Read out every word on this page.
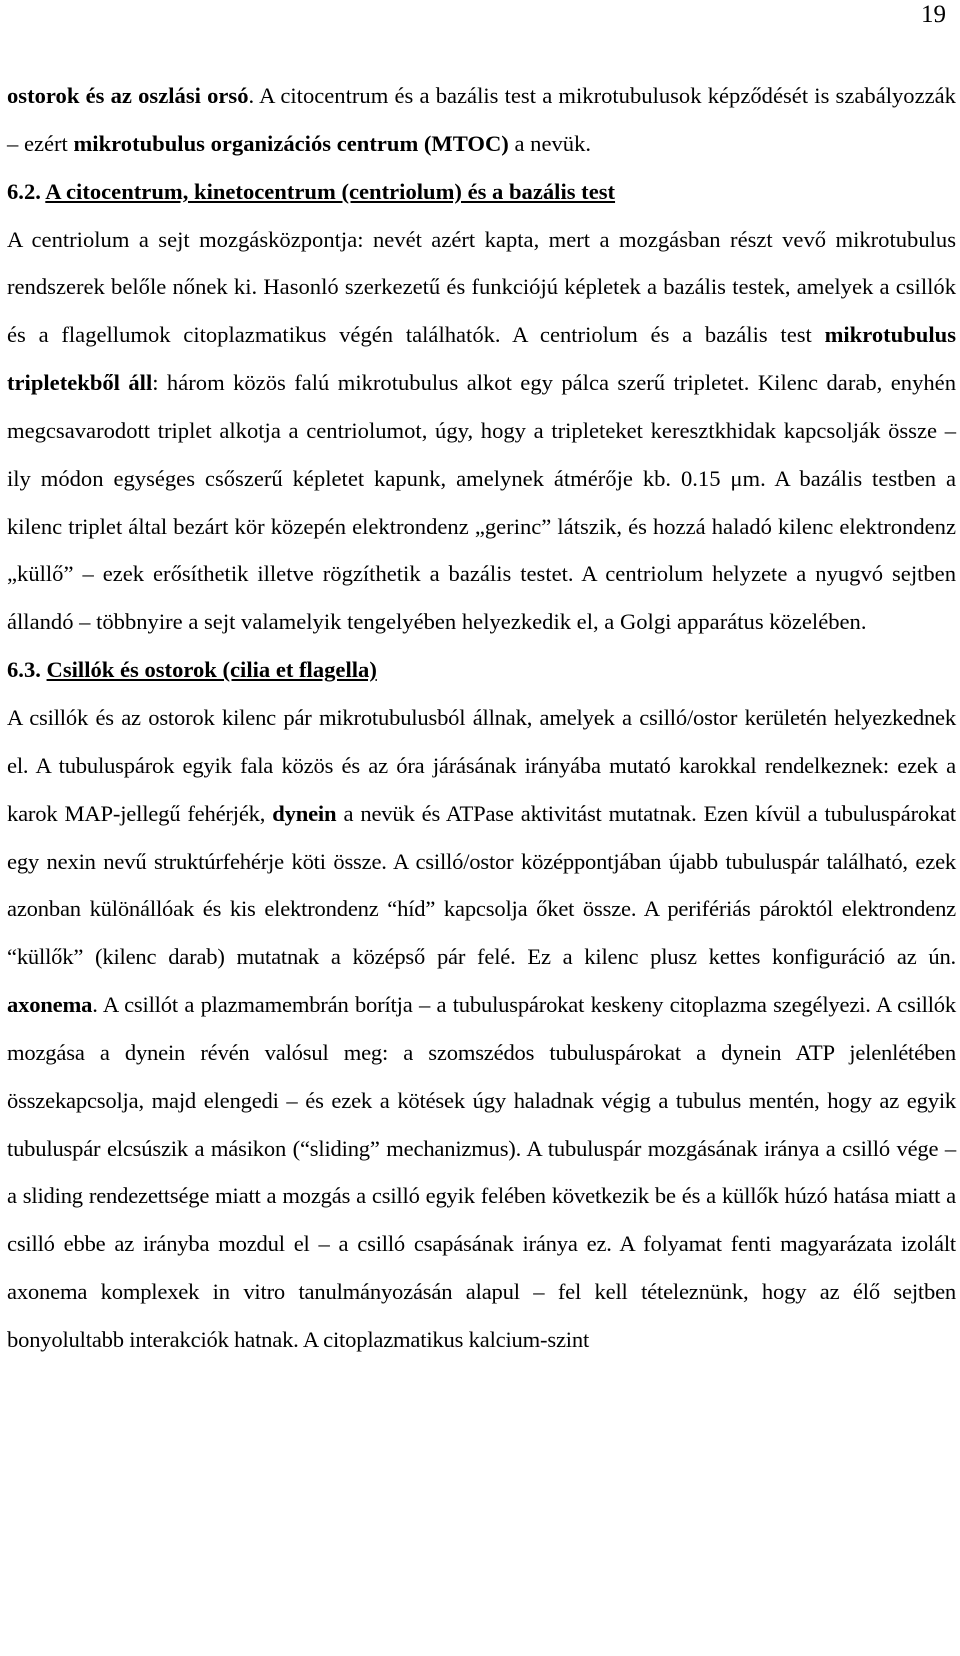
19

ostorok és az oszlási orsó. A citocentrum és a bazális test a mikrotubulusok képződését is szabályozzák – ezért mikrotubulus organizációs centrum (MTOC) a nevük.

6.2. A citocentrum, kinetocentrum (centriolum) és a bazális test

A centriolum a sejt mozgásközpontja: nevét azért kapta, mert a mozgásban részt vevő mikrotubulus rendszerek belőle nőnek ki. Hasonló szerkezetű és funkciójú képletek a bazális testek, amelyek a csillók és a flagellumok citoplazmatikus végén találhatók. A centriolum és a bazális test mikrotubulus tripletekből áll: három közös falú mikrotubulus alkot egy pálca szerű tripletet. Kilenc darab, enyhén megcsavarodott triplet alkotja a centriolumot, úgy, hogy a tripleteket keresztkhidak kapcsolják össze – ily módon egységes csőszerű képletet kapunk, amelynek átmérője kb. 0.15 μm. A bazális testben a kilenc triplet által bezárt kör közepén elektrondenz „gerinc” látszik, és hozzá haladó kilenc elektrondenz „küllő” – ezek erősíthetik illetve rögzíthetik a bazális testet. A centriolum helyzete a nyugvó sejtben állandó – többnyire a sejt valamelyik tengelyében helyezkedik el, a Golgi apparátus közelében.

6.3. Csillók és ostorok (cilia et flagella)

A csillók és az ostorok kilenc pár mikrotubulusból állnak, amelyek a csilló/ostor kerületén helyezkednek el. A tubuluspárok egyik fala közös és az óra járásának irányába mutató karokkal rendelkeznek: ezek a karok MAP-jellegű fehérjék, dynein a nevük és ATPase aktivitást mutatnak. Ezen kívül a tubuluspárokat egy nexin nevű struktúrfehérje köti össze. A csilló/ostor középpontjában újabb tubuluspár található, ezek azonban különállóak és kis elektrondenz “híd” kapcsolja őket össze. A perifériás pároktól elektrondenz “küllők” (kilenc darab) mutatnak a középső pár felé. Ez a kilenc plusz kettes konfiguráció az ún. axonema. A csillót a plazmamembrán borítja – a tubuluspárokat keskeny citoplazma szegélyezi. A csillók mozgása a dynein révén valósul meg: a szomszédos tubuluspárokat a dynein ATP jelenlétében összekapcsolja, majd elengedi – és ezek a kötések úgy haladnak végig a tubulus mentén, hogy az egyik tubuluspár elcsúszik a másikon (“sliding” mechanizmus). A tubuluspár mozgásának iránya a csilló vége – a sliding rendezettsége miatt a mozgás a csilló egyik felében következik be és a küllők húzó hatása miatt a csilló ebbe az irányba mozdul el – a csilló csapásának iránya ez. A folyamat fenti magyarázata izolált axonema komplexek in vitro tanulmányozásán alapul – fel kell tételeznünk, hogy az élő sejtben bonyolultabb interakciók hatnak. A citoplazmatikus kalcium-szint
